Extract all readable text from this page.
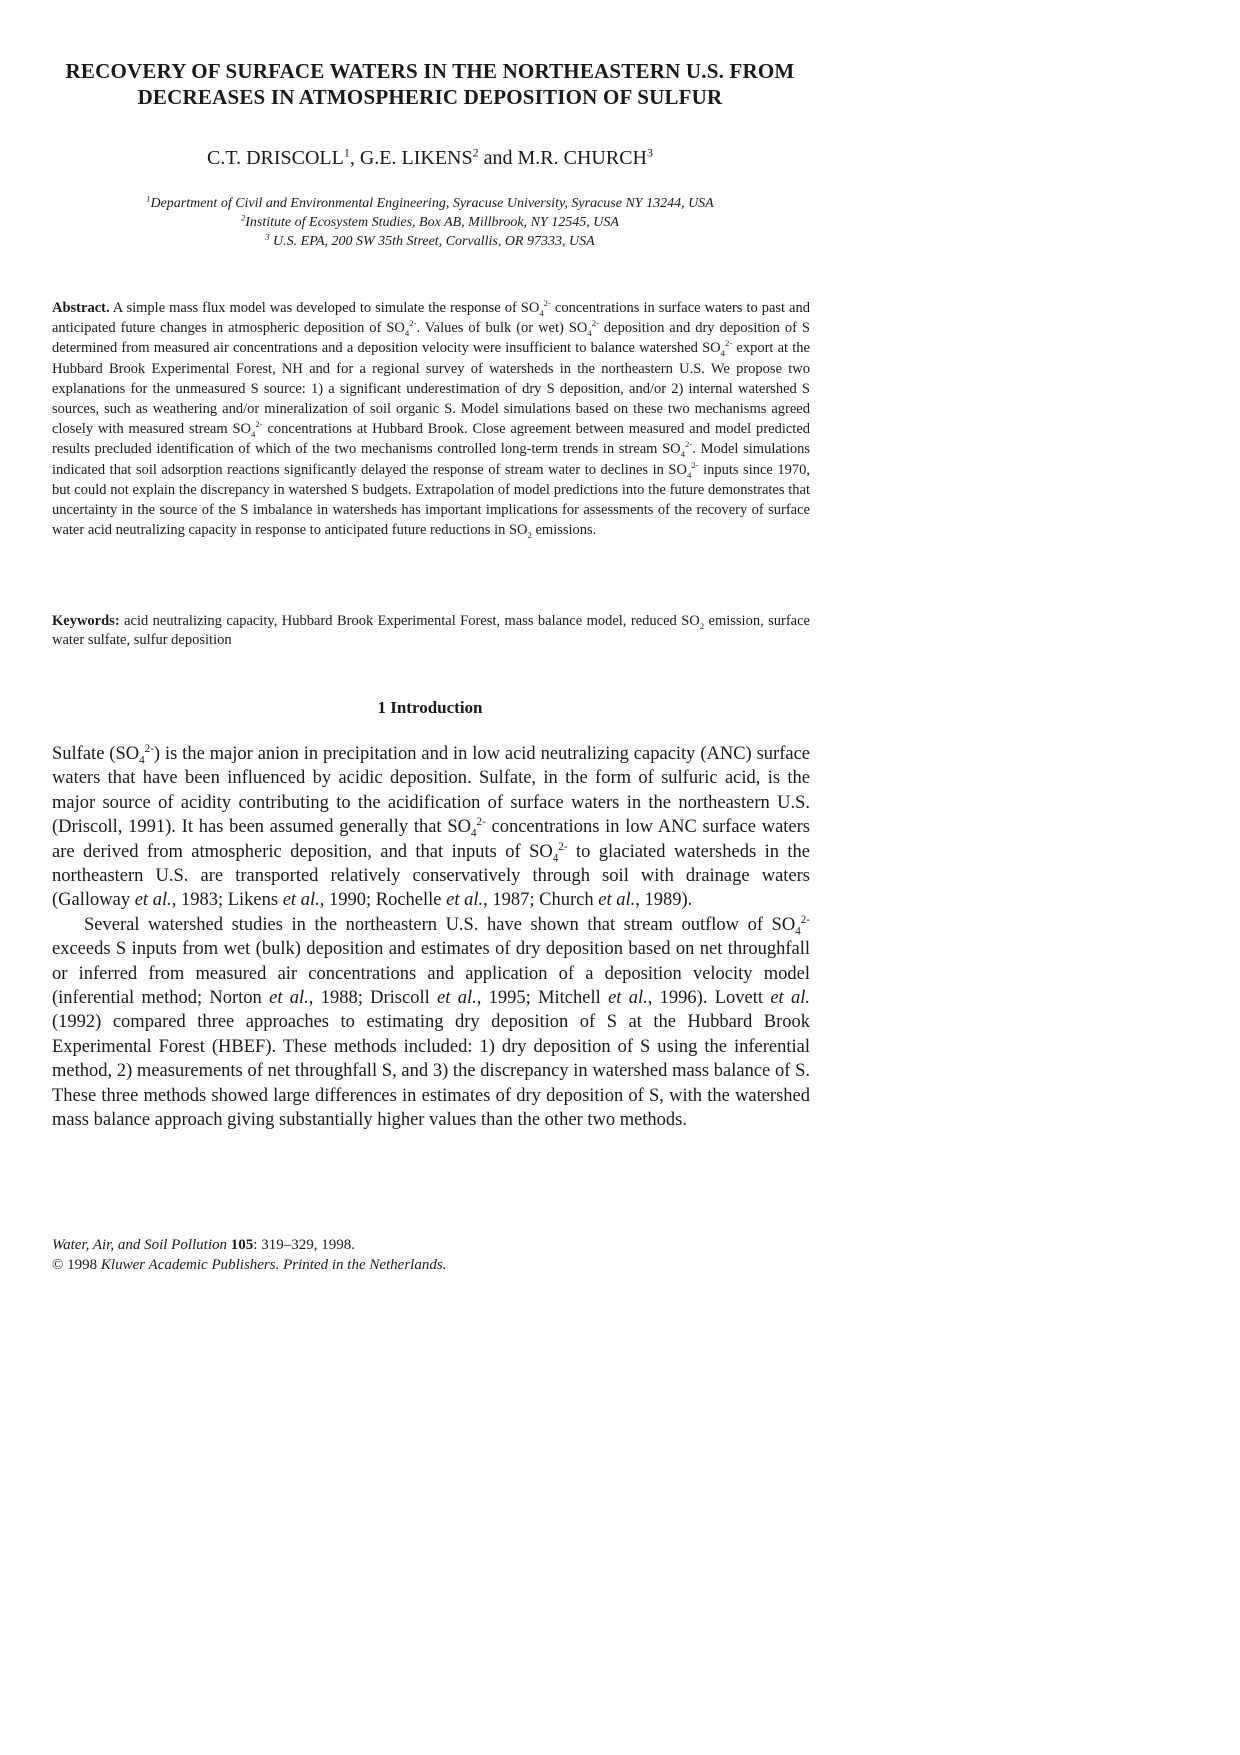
RECOVERY OF SURFACE WATERS IN THE NORTHEASTERN U.S. FROM
DECREASES IN ATMOSPHERIC DEPOSITION OF SULFUR
C.T. DRISCOLL$^1$, G.E. LIKENS$^2$ and M.R. CHURCH$^3$
$^1$Department of Civil and Environmental Engineering, Syracuse University, Syracuse NY 13244, USA
$^2$Institute of Ecosystem Studies, Box AB, Millbrook, NY 12545, USA
$^3$ U.S. EPA, 200 SW 35th Street, Corvallis, OR 97333, USA
Abstract. A simple mass flux model was developed to simulate the response of $SO_4^{2-}$ concentrations in surface waters to past and anticipated future changes in atmospheric deposition of $SO_4^{2-}$. Values of bulk (or wet) $SO_4^{2-}$ deposition and dry deposition of S determined from measured air concentrations and a deposition velocity were insufficient to balance watershed $SO_4^{2-}$ export at the Hubbard Brook Experimental Forest, NH and for a regional survey of watersheds in the northeastern U.S. We propose two explanations for the unmeasured S source: 1) a significant underestimation of dry S deposition, and/or 2) internal watershed S sources, such as weathering and/or mineralization of soil organic S. Model simulations based on these two mechanisms agreed closely with measured stream $SO_4^{2-}$ concentrations at Hubbard Brook. Close agreement between measured and model predicted results precluded identification of which of the two mechanisms controlled long-term trends in stream $SO_4^{2-}$. Model simulations indicated that soil adsorption reactions significantly delayed the response of stream water to declines in $SO_4^{2-}$ inputs since 1970, but could not explain the discrepancy in watershed S budgets. Extrapolation of model predictions into the future demonstrates that uncertainty in the source of the S imbalance in watersheds has important implications for assessments of the recovery of surface water acid neutralizing capacity in response to anticipated future reductions in $SO_2$ emissions.
Keywords: acid neutralizing capacity, Hubbard Brook Experimental Forest, mass balance model, reduced $SO_2$ emission, surface water sulfate, sulfur deposition
1 Introduction

Sulfate $(SO_4^{2-})$ is the major anion in precipitation and in low acid neutralizing capacity (ANC) surface waters that have been influenced by acidic deposition. Sulfate, in the form of sulfuric acid, is the major source of acidity contributing to the acidification of surface waters in the northeastern U.S. (Driscoll, 1991). It has been assumed generally that $SO_4^{2-}$ concentrations in low ANC surface waters are derived from atmospheric deposition, and that inputs of $SO_4^{2-}$ to glaciated watersheds in the northeastern U.S. are transported relatively conservatively through soil with drainage waters (Galloway et al., 1983; Likens et al., 1990; Rochelle et al., 1987; Church et al., 1989).

Several watershed studies in the northeastern U.S. have shown that stream outflow of $SO_4^{2-}$ exceeds S inputs from wet (bulk) deposition and estimates of dry deposition based on net throughfall or inferred from measured air concentrations and application of a deposition velocity model (inferential method; Norton et al., 1988; Driscoll et al., 1995; Mitchell et al., 1996). Lovett et al. (1992) compared three approaches to estimating dry deposition of S at the Hubbard Brook Experimental Forest (HBEF). These methods included: 1) dry deposition of S using the inferential method, 2) measurements of net throughfall S, and 3) the discrepancy in watershed mass balance of S. These three methods showed large differences in estimates of dry deposition of S, with the watershed mass balance approach giving substantially higher values than the other two methods.

Water, Air, and Soil Pollution 105: 319–329, 1998.
© 1998 Kluwer Academic Publishers. Printed in the Netherlands.
